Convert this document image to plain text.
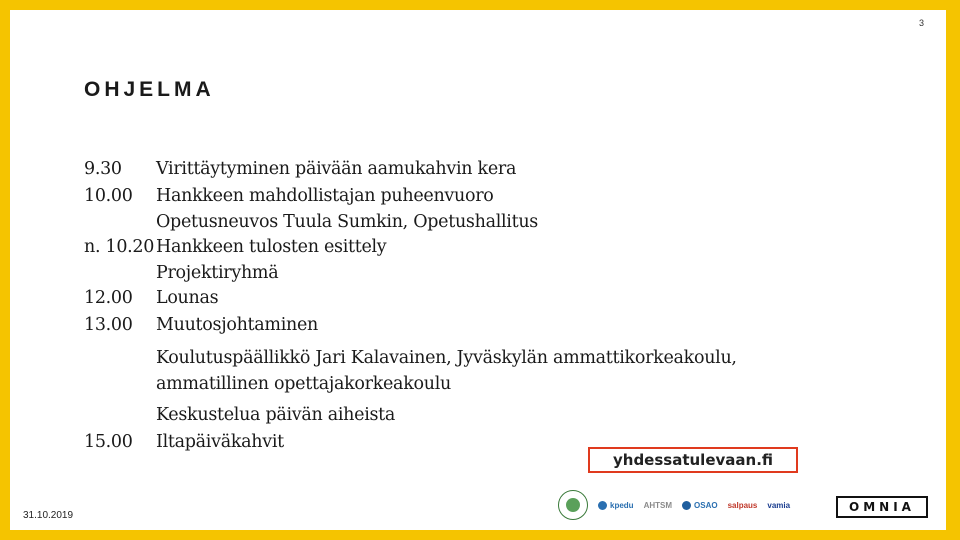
3
OHJELMA
9.30	Virittäytyminen päivään aamukahvin kera
10.00	Hankkeen mahdollistajan puheenvuoro
Opetusneuvos Tuula Sumkin, Opetushallitus
n. 10.20 Hankkeen tulosten esittely
Projektiryhmä
12.00	Lounas
13.00	Muutosjohtaminen
Koulutuspäällikkö Jari Kalavainen, Jyväskylän ammattikorkeakoulu,
ammatillinen opettajakorkeakoulu
Keskustelua päivän aiheista
15.00	Iltapäiväkahvit
yhdessatulevaan.fi
kpedu AHTSM	OSAO salpaus vamia	OMNIA
31.10.2019
